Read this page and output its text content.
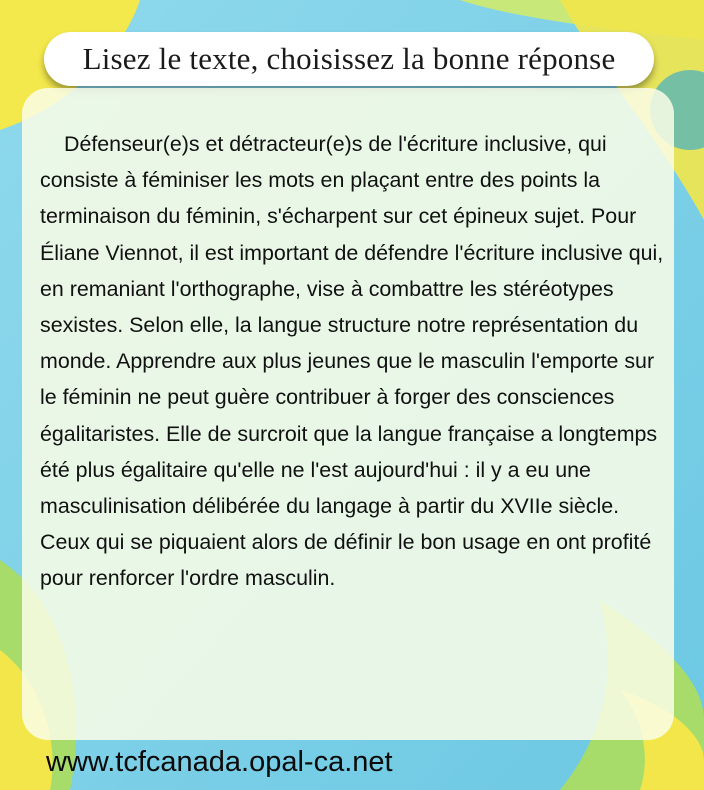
Lisez le texte, choisissez la bonne réponse

Défenseur(e)s et détracteur(e)s de l'écriture inclusive, qui consiste à féminiser les mots en plaçant entre des points la terminaison du féminin, s'écharpent sur cet épineux sujet. Pour Éliane Viennot, il est important de défendre l'écriture inclusive qui, en remaniant l'orthographe, vise à combattre les stéréotypes sexistes. Selon elle, la langue structure notre représentation du monde. Apprendre aux plus jeunes que le masculin l'emporte sur le féminin ne peut guère contribuer à forger des consciences égalitaristes. Elle de surcroit que la langue française a longtemps été plus égalitaire qu'elle ne l'est aujourd'hui : il y a eu une masculinisation délibérée du langage à partir du XVIIe siècle. Ceux qui se piquaient alors de définir le bon usage en ont profité pour renforcer l'ordre masculin.

www.tcfcanada.opal-ca.net
